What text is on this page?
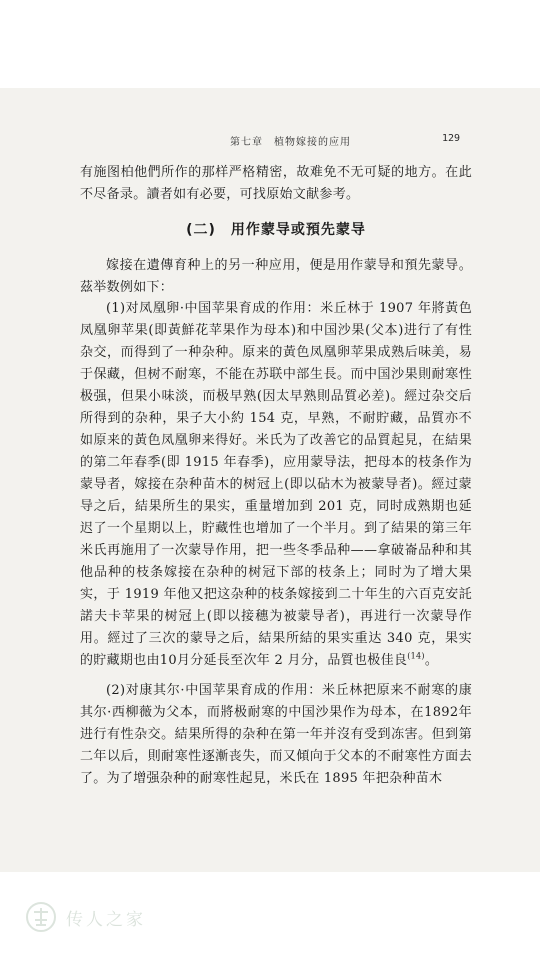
第七章　植物嫁接的应用	129
有施图柏他們所作的那样严格精密，故难免不无可疑的地方。在此不尽备录。讀者如有必要，可找原始文献参考。
(二)　用作蒙导或預先蒙导
嫁接在遺傳育种上的另一种应用，便是用作蒙导和預先蒙导。茲举数例如下：
(1)对凤凰卵·中国苹果育成的作用：米丘林于 1907 年將黃色凤凰卵苹果(即黃鮮花苹果作为母本)和中国沙果(父本)进行了有性杂交，而得到了一种杂种。原来的黃色凤凰卵苹果成熟后味美，易于保藏，但树不耐寒，不能在苏联中部生長。而中国沙果則耐寒性极强，但果小味淡，而极早熟(因太早熟則品質必差)。經过杂交后所得到的杂种，果子大小約 154 克，早熟，不耐貯藏，品質亦不如原来的黃色凤凰卵来得好。米氏为了改善它的品質起見，在結果的第二年春季(即 1915 年春季)，应用蒙导法，把母本的枝条作为蒙导者，嫁接在杂种苗木的树冠上(即以砧木为被蒙导者)。經过蒙导之后，結果所生的果实，重量增加到 201 克，同时成熟期也延迟了一个星期以上，貯藏性也增加了一个半月。到了結果的第三年米氏再施用了一次蒙导作用，把一些冬季品种——拿破崙品种和其他品种的枝条嫁接在杂种的树冠下部的枝条上；同时为了增大果实，于 1919 年他又把这杂种的枝条嫁接到二十年生的六百克安託諾夫卡苹果的树冠上(即以接穗为被蒙导者)，再进行一次蒙导作用。經过了三次的蒙导之后，結果所結的果实重达 340 克，果实的貯藏期也由10月分延長至次年 2 月分，品質也极佳良$^{(14)}$。
(2)对康其尔·中国苹果育成的作用：米丘林把原来不耐寒的康其尔·西柳薇为父本，而將极耐寒的中国沙果作为母本，在1892年进行有性杂交。結果所得的杂种在第一年并沒有受到冻害。但到第二年以后，則耐寒性逐漸丧失，而又傾向于父本的不耐寒性方面去了。为了增强杂种的耐寒性起見，米氏在 1895 年把杂种苗木
传人之家
